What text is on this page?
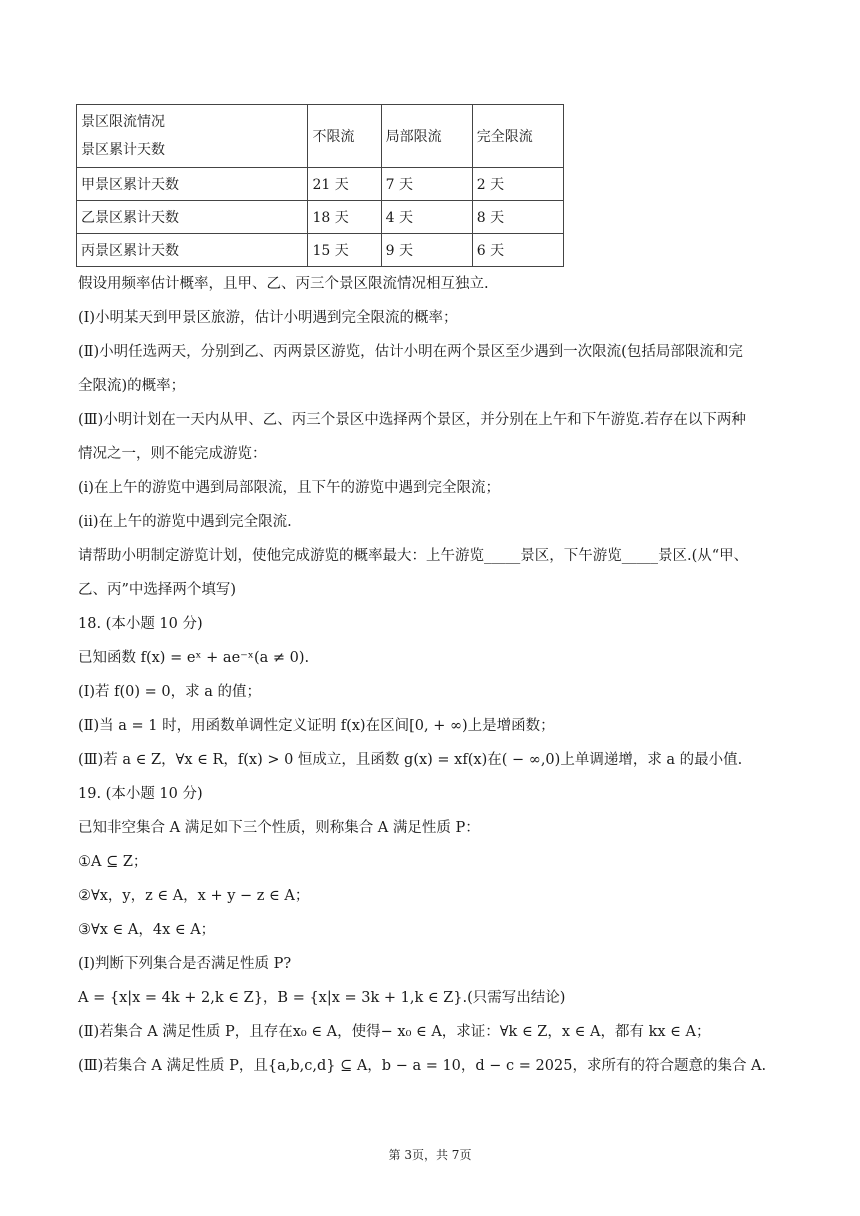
景区限流情况
景区累计天数	不限流	局部限流	完全限流
甲景区累计天数	21 天	7 天	2 天
乙景区累计天数	18 天	4 天	8 天
丙景区累计天数	15 天	9 天	6 天
假设用频率估计概率，且甲、乙、丙三个景区限流情况相互独立.
(Ⅰ)小明某天到甲景区旅游，估计小明遇到完全限流的概率；
(Ⅱ)小明任选两天，分别到乙、丙两景区游览，估计小明在两个景区至少遇到一次限流(包括局部限流和完
全限流)的概率；
(Ⅲ)小明计划在一天内从甲、乙、丙三个景区中选择两个景区，并分别在上午和下午游览.若存在以下两种
情况之一，则不能完成游览：
(i)在上午的游览中遇到局部限流，且下午的游览中遇到完全限流；
(ii)在上午的游览中遇到完全限流.
请帮助小明制定游览计划，使他完成游览的概率最大：上午游览_____景区，下午游览_____景区.(从“甲、
乙、丙”中选择两个填写)
18. (本小题 10 分)
已知函数 f(x) = eˣ + ae⁻ˣ(a ≠ 0).
(Ⅰ)若 f(0) = 0，求 a 的值；
(Ⅱ)当 a = 1 时，用函数单调性定义证明 f(x)在区间[0, + ∞)上是增函数；
(Ⅲ)若 a ∈ Z，∀x ∈ R，f(x) > 0 恒成立，且函数 g(x) = xf(x)在( − ∞,0)上单调递增，求 a 的最小值.
19. (本小题 10 分)
已知非空集合 A 满足如下三个性质，则称集合 A 满足性质 P：
①A ⊆ Z；
②∀x，y，z ∈ A，x + y − z ∈ A；
③∀x ∈ A，4x ∈ A；
(Ⅰ)判断下列集合是否满足性质 P?
A = {x|x = 4k + 2,k ∈ Z}，B = {x|x = 3k + 1,k ∈ Z}.(只需写出结论)
(Ⅱ)若集合 A 满足性质 P，且存在x₀ ∈ A，使得− x₀ ∈ A，求证：∀k ∈ Z，x ∈ A，都有 kx ∈ A；
(Ⅲ)若集合 A 满足性质 P，且{a,b,c,d} ⊆ A，b − a = 10，d − c = 2025，求所有的符合题意的集合 A.
第 3页，共 7页
